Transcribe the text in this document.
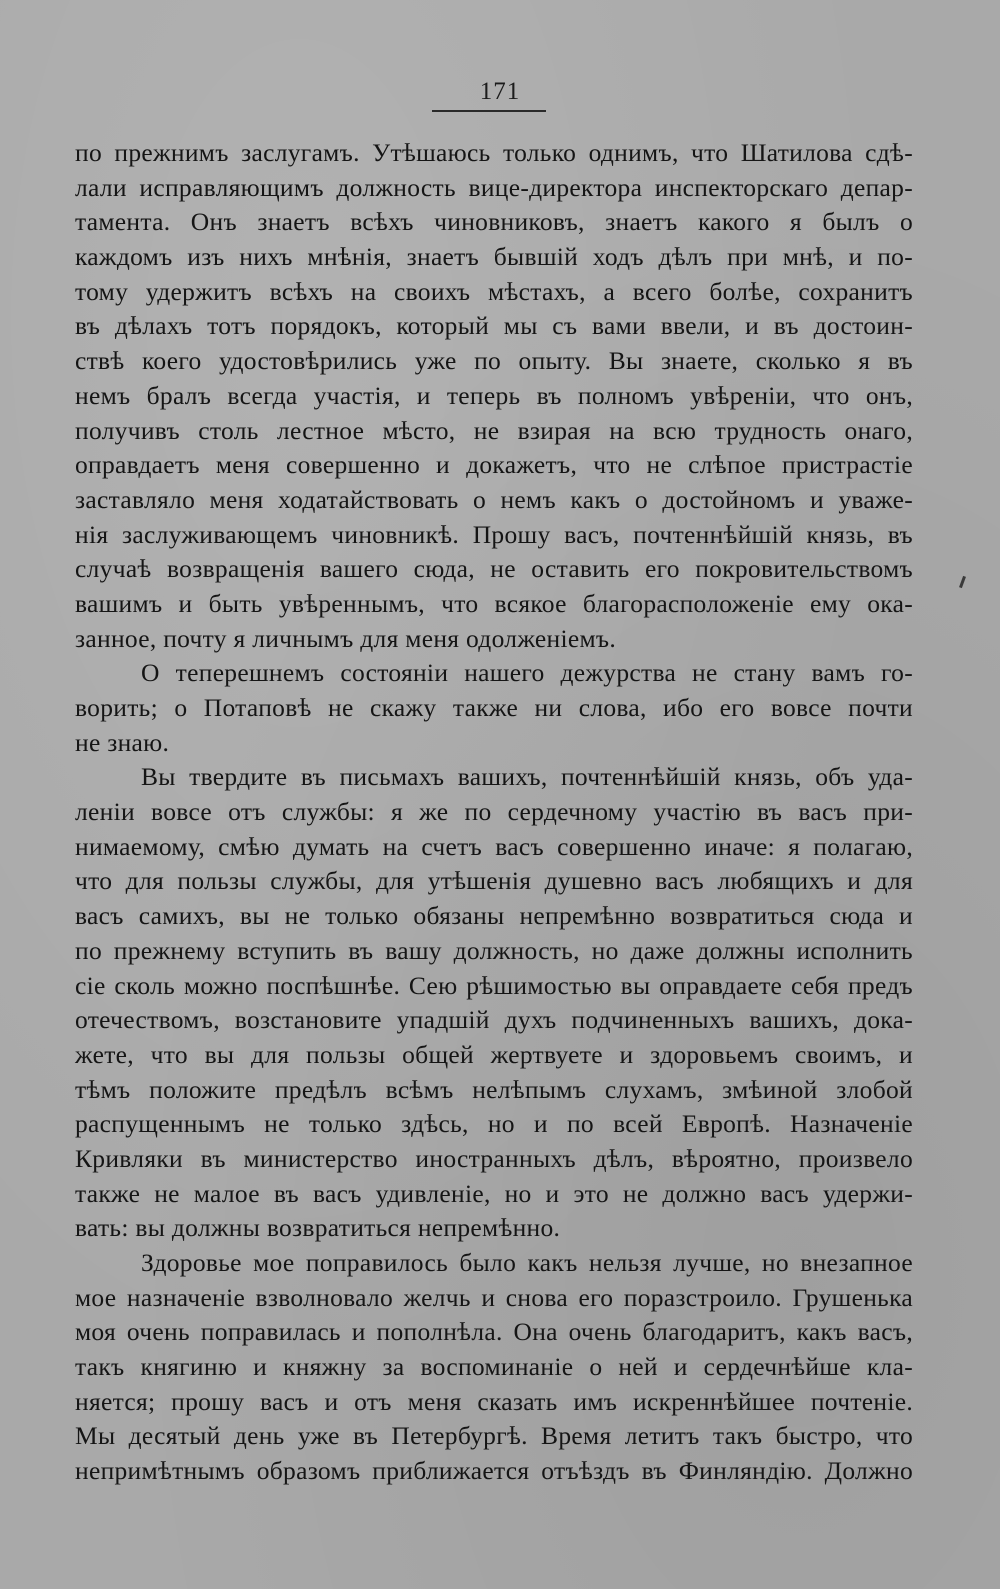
171
по прежнимъ заслугамъ. Утѣшаюсь только однимъ, что Шатилова сдѣ-
лали исправляющимъ должность вице-директора инспекторскаго депар-
тамента. Онъ знаетъ всѣхъ чиновниковъ, знаетъ какого я былъ о
каждомъ изъ нихъ мнѣнія, знаетъ бывшій ходъ дѣлъ при мнѣ, и по-
тому удержитъ всѣхъ на своихъ мѣстахъ, а всего болѣе, сохранитъ
въ дѣлахъ тотъ порядокъ, который мы съ вами ввели, и въ достоин-
ствѣ коего удостовѣрились уже по опыту. Вы знаете, сколько я въ
немъ бралъ всегда участія, и теперь въ полномъ увѣреніи, что онъ,
получивъ столь лестное мѣсто, не взирая на всю трудность онаго,
оправдаетъ меня совершенно и докажетъ, что не слѣпое пристрастіе
заставляло меня ходатайствовать о немъ какъ о достойномъ и уваже-
нія заслуживающемъ чиновникѣ. Прошу васъ, почтеннѣйшій князь, въ
случаѣ возвращенія вашего сюда, не оставить его покровительствомъ
вашимъ и быть увѣреннымъ, что всякое благорасположеніе ему ока-
занное, почту я личнымъ для меня одолженіемъ.
О теперешнемъ состояніи нашего дежурства не стану вамъ го-
ворить; о Потаповѣ не скажу также ни слова, ибо его вовсе почти
не знаю.
Вы твердите въ письмахъ вашихъ, почтеннѣйшій князь, объ уда-
леніи вовсе отъ службы: я же по сердечному участію въ васъ при-
нимаемому, смѣю думать на счетъ васъ совершенно иначе: я полагаю,
что для пользы службы, для утѣшенія душевно васъ любящихъ и для
васъ самихъ, вы не только обязаны непремѣнно возвратиться сюда и
по прежнему вступить въ вашу должность, но даже должны исполнить
сіе сколь можно поспѣшнѣе. Сею рѣшимостью вы оправдаете себя предъ
отечествомъ, возстановите упадшій духъ подчиненныхъ вашихъ, дока-
жете, что вы для пользы общей жертвуете и здоровьемъ своимъ, и
тѣмъ положите предѣлъ всѣмъ нелѣпымъ слухамъ, змѣиной злобой
распущеннымъ не только здѣсь, но и по всей Европѣ. Назначеніе
Кривляки въ министерство иностранныхъ дѣлъ, вѣроятно, произвело
также не малое въ васъ удивленіе, но и это не должно васъ удержи-
вать: вы должны возвратиться непремѣнно.
Здоровье мое поправилось было какъ нельзя лучше, но внезапное
мое назначеніе взволновало желчь и снова его поразстроило. Грушенька
моя очень поправилась и пополнѣла. Она очень благодаритъ, какъ васъ,
такъ княгиню и княжну за воспоминаніе о ней и сердечнѣйше кла-
няется; прошу васъ и отъ меня сказать имъ искреннѣйшее почтеніе.
Мы десятый день уже въ Петербургѣ. Время летитъ такъ быстро, что
непримѣтнымъ образомъ приближается отъѣздъ въ Финляндію. Должно
